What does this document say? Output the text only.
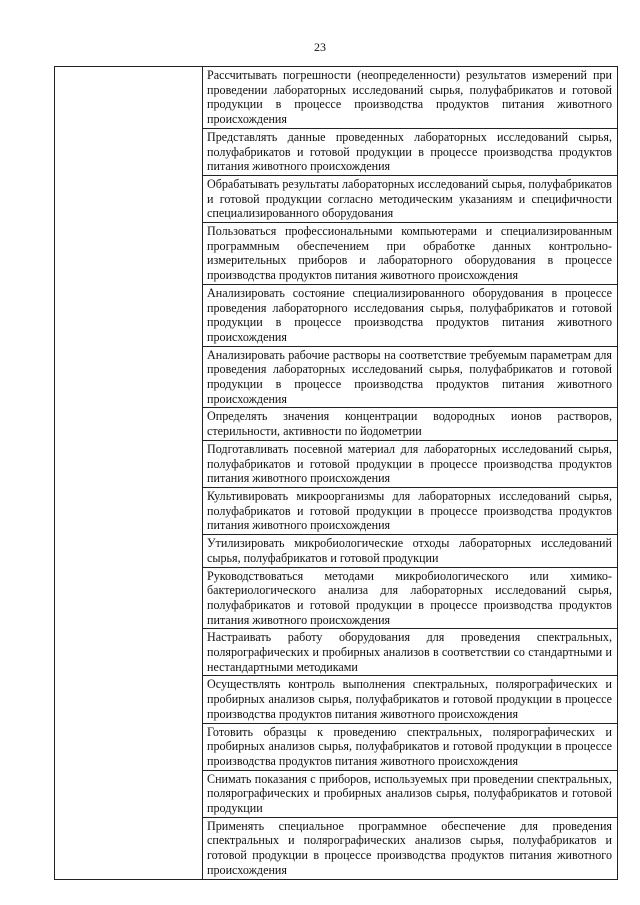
23
	Рассчитывать погрешности (неопределенности) результатов измерений при проведении лабораторных исследований сырья, полуфабрикатов и готовой продукции в процессе производства продуктов питания животного происхождения
Представлять данные проведенных лабораторных исследований сырья, полуфабрикатов и готовой продукции в процессе производства продуктов питания животного происхождения
Обрабатывать результаты лабораторных исследований сырья, полуфабрикатов и готовой продукции согласно методическим указаниям и специфичности специализированного оборудования
Пользоваться профессиональными компьютерами и специализированным программным обеспечением при обработке данных контрольно-измерительных приборов и лабораторного оборудования в процессе производства продуктов питания животного происхождения
Анализировать состояние специализированного оборудования в процессе проведения лабораторного исследования сырья, полуфабрикатов и готовой продукции в процессе производства продуктов питания животного происхождения
Анализировать рабочие растворы на соответствие требуемым параметрам для проведения лабораторных исследований сырья, полуфабрикатов и готовой продукции в процессе производства продуктов питания животного происхождения
Определять значения концентрации водородных ионов растворов, стерильности, активности по йодометрии
Подготавливать посевной материал для лабораторных исследований сырья, полуфабрикатов и готовой продукции в процессе производства продуктов питания животного происхождения
Культивировать микроорганизмы для лабораторных исследований сырья, полуфабрикатов и готовой продукции в процессе производства продуктов питания животного происхождения
Утилизировать микробиологические отходы лабораторных исследований сырья, полуфабрикатов и готовой продукции
Руководствоваться методами микробиологического или химико-бактериологического анализа для лабораторных исследований сырья, полуфабрикатов и готовой продукции в процессе производства продуктов питания животного происхождения
Настраивать работу оборудования для проведения спектральных, полярографических и пробирных анализов в соответствии со стандартными и нестандартными методиками
Осуществлять контроль выполнения спектральных, полярографических и пробирных анализов сырья, полуфабрикатов и готовой продукции в процессе производства продуктов питания животного происхождения
Готовить образцы к проведению спектральных, полярографических и пробирных анализов сырья, полуфабрикатов и готовой продукции в процессе производства продуктов питания животного происхождения
Снимать показания с приборов, используемых при проведении спектральных, полярографических и пробирных анализов сырья, полуфабрикатов и готовой продукции
Применять специальное программное обеспечение для проведения спектральных и полярографических анализов сырья, полуфабрикатов и готовой продукции в процессе производства продуктов питания животного происхождения
